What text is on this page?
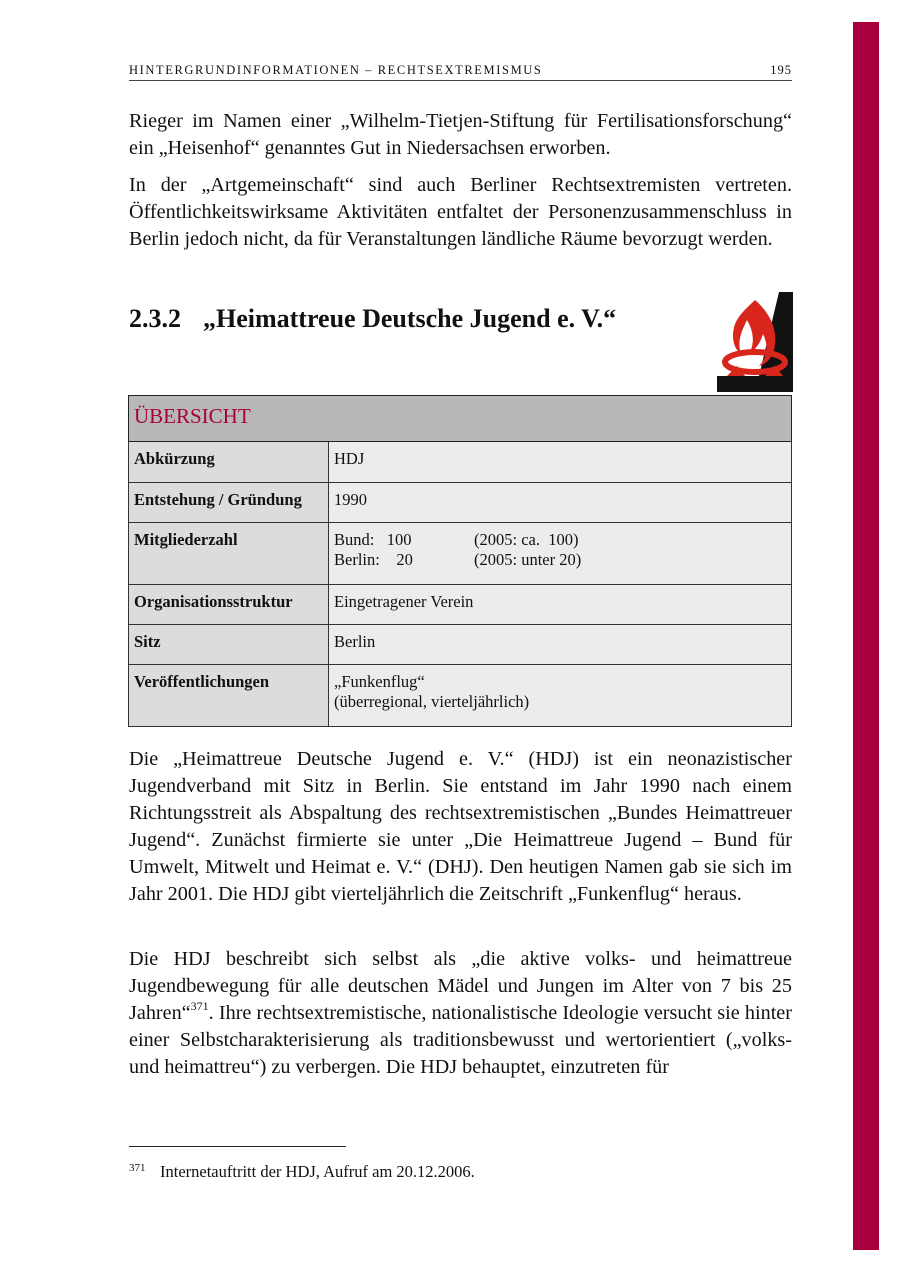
HINTERGRUNDINFORMATIONEN – RECHTSEXTREMISMUS	195

Rieger im Namen einer „Wilhelm-Tietjen-Stiftung für Fertilisationsforschung“ ein „Heisenhof“ genanntes Gut in Niedersachsen erworben.

In der „Artgemeinschaft“ sind auch Berliner Rechtsextremisten vertreten. Öffentlichkeitswirksame Aktivitäten entfaltet der Personenzusammenschluss in Berlin jedoch nicht, da für Veranstaltungen ländliche Räume bevorzugt werden.

2.3.2 „Heimattreue Deutsche Jugend e. V.“
ÜBERSICHT	
Abkürzung	HDJ
Entstehung / Gründung	1990
Mitgliederzahl	Bund:   100 (2005: ca.  100)
Berlin:    20 (2005: unter 20)

Organisationsstruktur	Eingetragener Verein
Sitz	Berlin
Veröffentlichungen	„Funkenflug“
(überregional, vierteljährlich)

Die „Heimattreue Deutsche Jugend e. V.“ (HDJ) ist ein neonazistischer Jugendverband mit Sitz in Berlin. Sie entstand im Jahr 1990 nach einem Richtungsstreit als Abspaltung des rechtsextremistischen „Bundes Heimattreuer Jugend“. Zunächst firmierte sie unter „Die Heimattreue Jugend – Bund für Umwelt, Mitwelt und Heimat e. V.“ (DHJ). Den heutigen Namen gab sie sich im Jahr 2001. Die HDJ gibt vierteljährlich die Zeitschrift „Funkenflug“ heraus.

Die HDJ beschreibt sich selbst als „die aktive volks- und heimattreue Jugendbewegung für alle deutschen Mädel und Jungen im Alter von 7 bis 25 Jahren“$^{371}$. Ihre rechtsextremistische, nationalistische Ideologie versucht sie hinter einer Selbstcharakterisierung als traditionsbewusst und wertorientiert („volks- und heimattreu“) zu verbergen. Die HDJ behauptet, einzutreten für

371 Internetauftritt der HDJ, Aufruf am 20.12.2006.
